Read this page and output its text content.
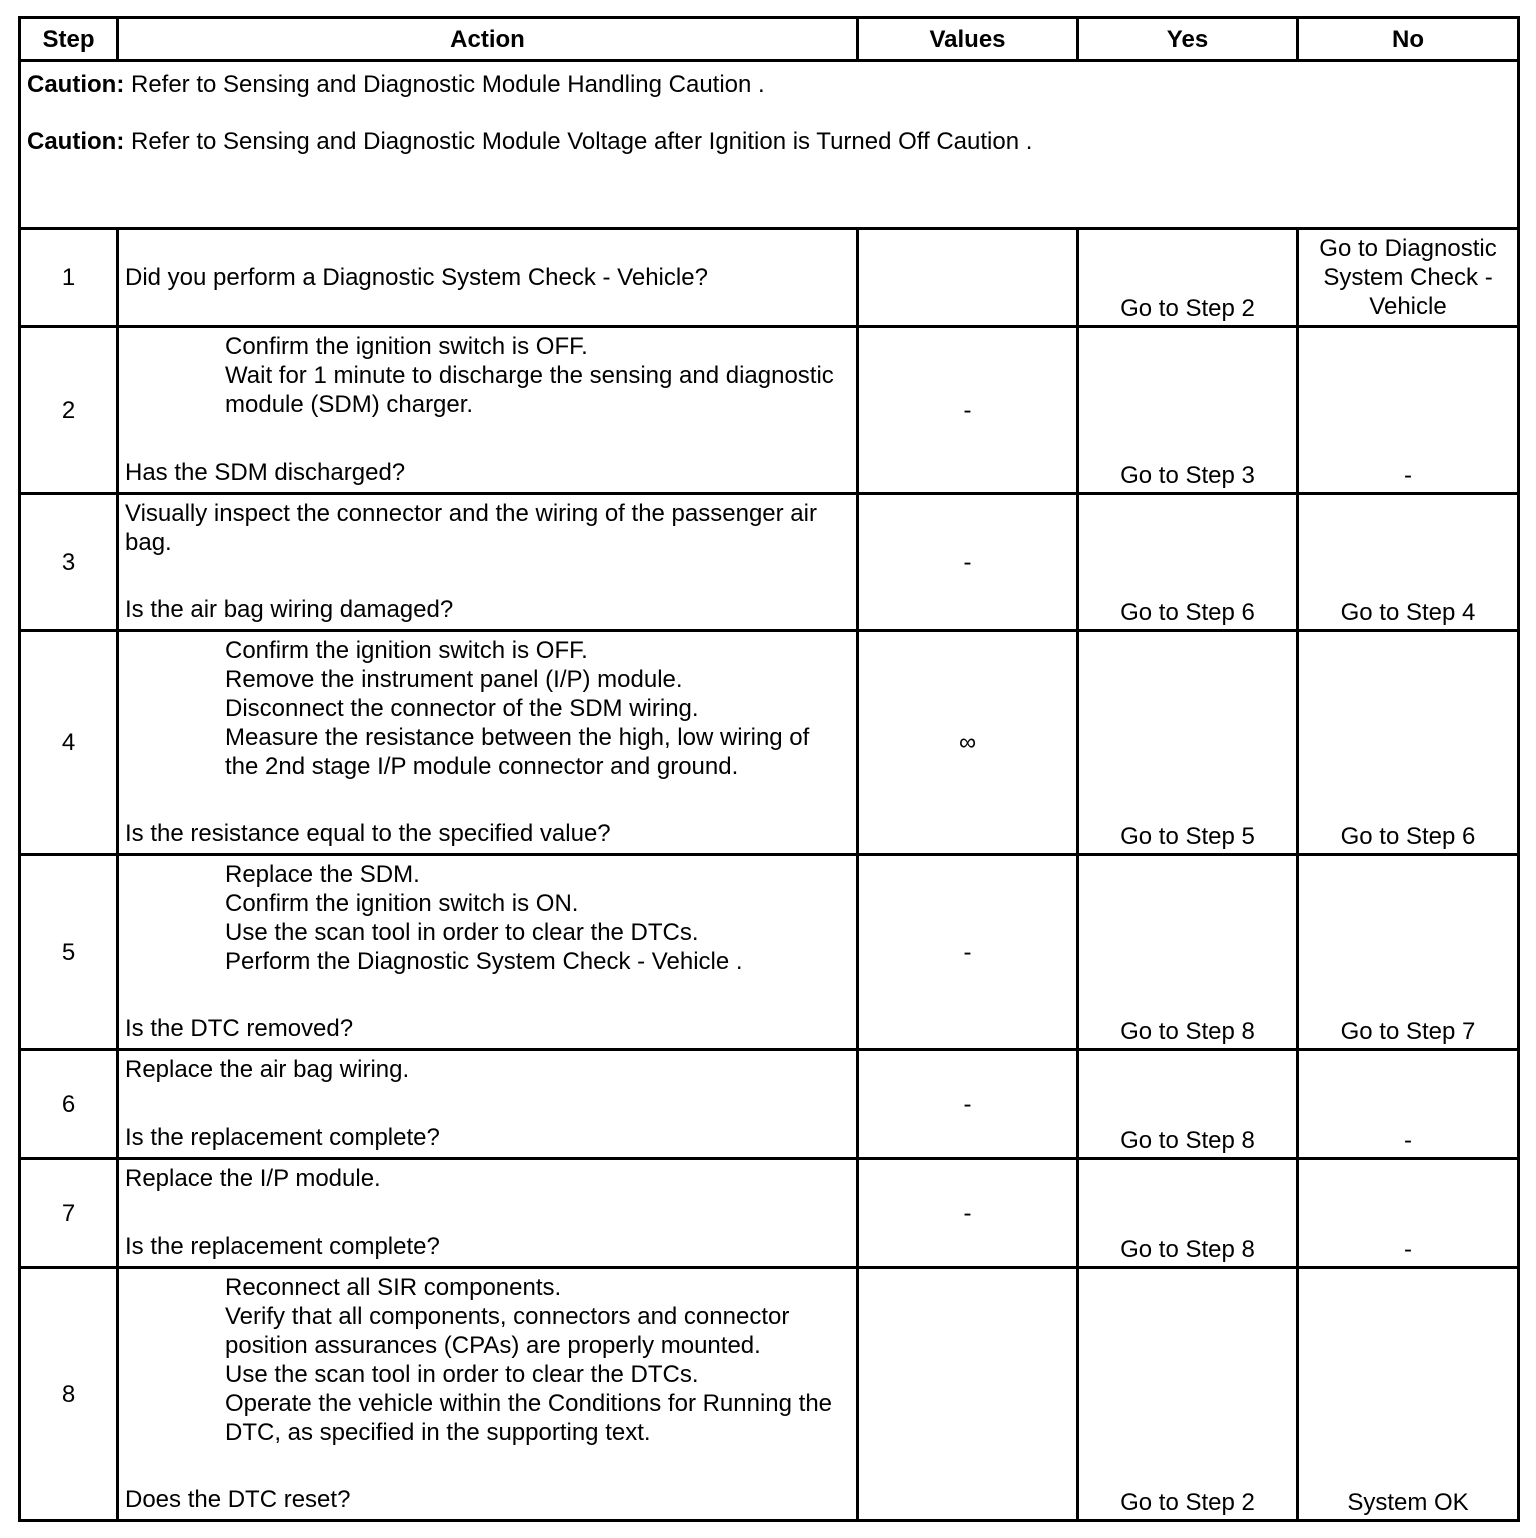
Step	Action	Values	Yes	No

Caution: Refer to Sensing and Diagnostic Module Handling Caution .
Caution: Refer to Sensing and Diagnostic Module Voltage after Ignition is Turned Off Caution .				

1	Did you perform a Diagnostic System Check - Vehicle?		Go to Step 2	Go to Diagnostic System Check - Vehicle
2	Confirm the ignition switch is OFF.
Wait for 1 minute to discharge the sensing and diagnostic module (SDM) charger.
Has the SDM discharged?	-	Go to Step 3	-
3	Visually inspect the connector and the wiring of the passenger air bag.
Is the air bag wiring damaged?	-	Go to Step 6	Go to Step 4
4	Confirm the ignition switch is OFF.
Remove the instrument panel (I/P) module.
Disconnect the connector of the SDM wiring.
Measure the resistance between the high, low wiring of the 2nd stage I/P module connector and ground.
Is the resistance equal to the specified value?	∞	Go to Step 5	Go to Step 6
5	Replace the SDM.
Confirm the ignition switch is ON.
Use the scan tool in order to clear the DTCs.
Perform the Diagnostic System Check - Vehicle .
Is the DTC removed?	-	Go to Step 8	Go to Step 7
6	Replace the air bag wiring.
Is the replacement complete?	-	Go to Step 8	-
7	Replace the I/P module.
Is the replacement complete?	-	Go to Step 8	-
8	Reconnect all SIR components.
Verify that all components, connectors and connector position assurances (CPAs) are properly mounted.
Use the scan tool in order to clear the DTCs.
Operate the vehicle within the Conditions for Running the DTC, as specified in the supporting text.
Does the DTC reset?		Go to Step 2	System OK
